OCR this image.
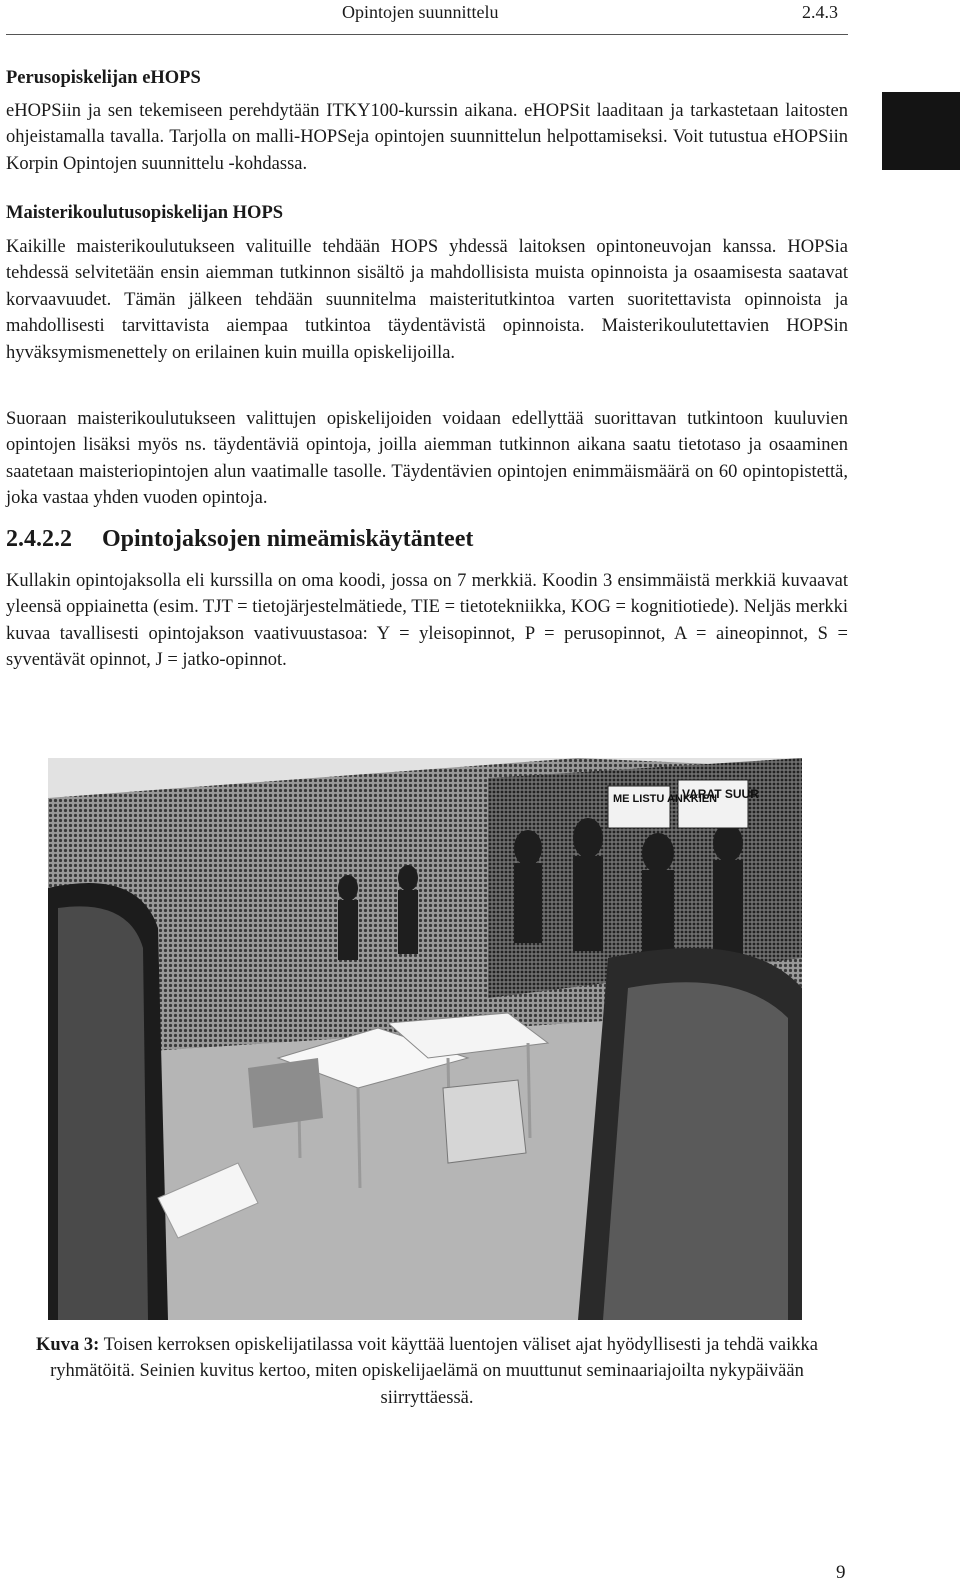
Opintojen suunnittelu	2.4.3
Perusopiskelijan eHOPS

eHOPSiin ja sen tekemiseen perehdytään ITKY100-kurssin aikana. eHOPSit laaditaan ja tarkastetaan laitosten ohjeistamalla tavalla. Tarjolla on malli-HOPSeja opintojen suunnittelun helpottamiseksi. Voit tutustua eHOPSiin Korpin Opintojen suunnittelu -kohdassa.

Maisterikoulutusopiskelijan HOPS

Kaikille maisterikoulutukseen valituille tehdään HOPS yhdessä laitoksen opintoneuvojan kanssa. HOPSia tehdessä selvitetään ensin aiemman tutkinnon sisältö ja mahdollisista muista opinnoista ja osaamisesta saatavat korvaavuudet. Tämän jälkeen tehdään suunnitelma maisteritutkintoa varten suoritettavista opinnoista ja mahdollisesti tarvittavista aiempaa tutkintoa täydentävistä opinnoista. Maisterikoulutettavien HOPSin hyväksymismenettely on erilainen kuin muilla opiskelijoilla.

Suoraan maisterikoulutukseen valittujen opiskelijoiden voidaan edellyttää suorittavan tutkintoon kuuluvien opintojen lisäksi myös ns. täydentäviä opintoja, joilla aiemman tutkinnon aikana saatu tietotaso ja osaaminen saatetaan maisteriopintojen alun vaatimalle tasolle. Täydentävien opintojen enimmäismäärä on 60 opintopistettä, joka vastaa yhden vuoden opintoja.

2.4.2.2 Opintojaksojen nimeämiskäytänteet

Kullakin opintojaksolla eli kurssilla on oma koodi, jossa on 7 merkkiä. Koodin 3 ensimmäistä merkkiä kuvaavat yleensä oppiainetta (esim. TJT = tietojärjestelmätiede, TIE = tietotekniikka, KOG = kognitiotiede). Neljäs merkki kuvaa tavallisesti opintojakson vaativuustasoa: Y = yleisopinnot, P = perusopinnot, A = aineopinnot, S = syventävät opinnot, J = jatko-opinnot.

ME LISTU ANKKIEN
VARAT SUUR
Kuva 3: Toisen kerroksen opiskelijatilassa voit käyttää luentojen väliset ajat hyödyllisesti ja tehdä vaikka ryhmätöitä. Seinien kuvitus kertoo, miten opiskelijaelämä on muuttunut seminaariajoilta nykypäivään siirryttäessä.
9
